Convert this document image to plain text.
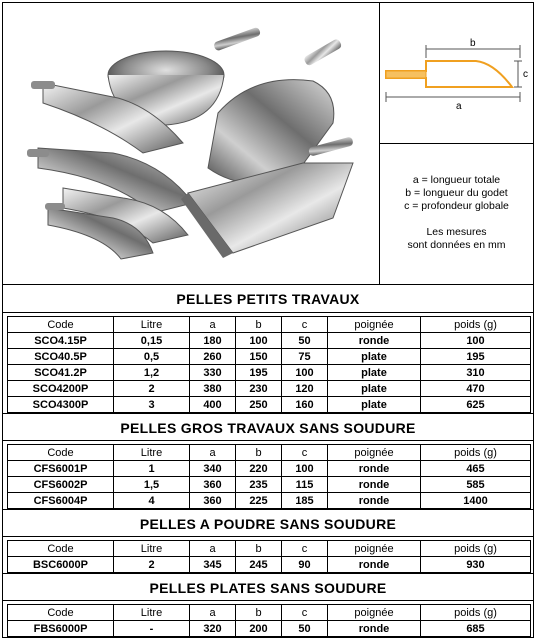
b
c
a
a = longueur totale
b = longueur du godet
c = profondeur globale
Les mesures
sont données en mm
PELLES PETITS TRAVAUX
Code	Litre	a	b	c	poignée	poids (g)
SCO4.15P	0,15	180	100	50	ronde	100
SCO40.5P	0,5	260	150	75	plate	195
SCO41.2P	1,2	330	195	100	plate	310
SCO4200P	2	380	230	120	plate	470
SCO4300P	3	400	250	160	plate	625
PELLES GROS TRAVAUX SANS SOUDURE
Code	Litre	a	b	c	poignée	poids (g)
CFS6001P	1	340	220	100	ronde	465
CFS6002P	1,5	360	235	115	ronde	585
CFS6004P	4	360	225	185	ronde	1400
PELLES A POUDRE SANS SOUDURE
Code	Litre	a	b	c	poignée	poids (g)
BSC6000P	2	345	245	90	ronde	930
PELLES PLATES SANS SOUDURE
Code	Litre	a	b	c	poignée	poids (g)
FBS6000P	-	320	200	50	ronde	685
